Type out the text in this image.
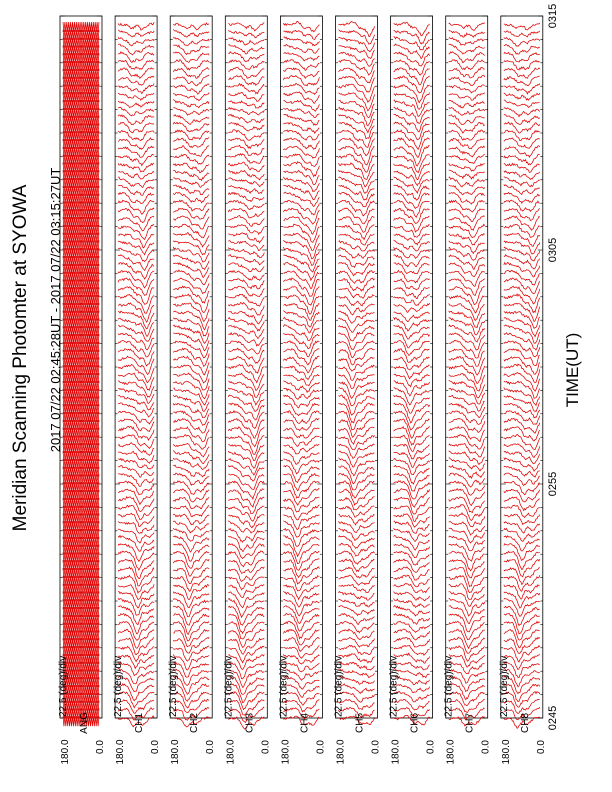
Meridian Scanning Photomter at SYOWA 2017 07/22 02:45:28UT - 2017 07/22 03:15:27UT	TIME(UT)
180.0
ANG
0.0
22.5 (deg)/div
180.0
CH1
0.0
22.5 (deg)/div
180.0
CH2
0.0
22.5 (deg)/div
180.0
CH3
0.0
22.5 (deg)/div
180.0
CH4
0.0
22.5 (deg)/div
180.0
CH5
0.0
22.5 (deg)/div
180.0
CH6
0.0
22.5 (deg)/div
180.0
CH7
0.0
22.5 (deg)/div
180.0
CH8
0.0
22.5 (deg)/div
0245
0255
0305
0315
